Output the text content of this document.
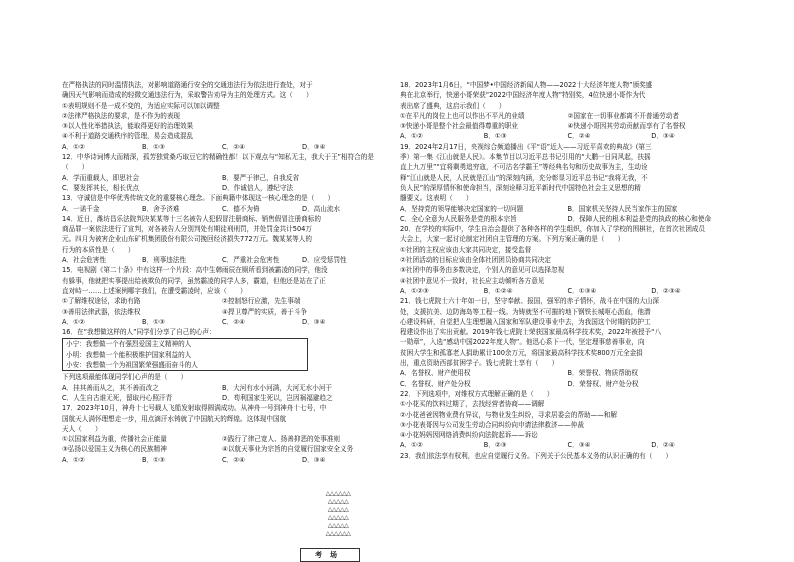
在严格执法的同时温情执法，对影响道路通行安全的交通违法行为依法进行查处，对于
确因天气影响而造成的轻微交通违法行为，采取警告劝导为主的处理方式。这（　　）
①表明规则不是一成不变的，为适应实际可以加以调整
②法律严格执法的要求，是不作为的表现
③以人性化举措执法，能取得更好的治理效果
④不利于道路交通秩序的管理，易会造成混乱
A．①②	B．①③	C．②④	D．③④
12．中华诗词博大而精深，孤芳独赏桑巧取豆它的精确性都！以下观点与“知私无主，我大于王”相符合的是（　　）
A．学而重载人，即思社会	B．要严于律己，自我反省
C．要发挥其长，相长优点	D．作诚信人，遵纪守法
13．守诚信是中华优秀传统文化的重要核心理念。下面典籍中体现这一核心理念的是（　　）
A．一诺千金	B．舍予济难	C．德不为倚	D．高山流水
14．近日，潍坊昌乐法院判决某某等十三名被告人犯假冒注册商标、销售假冒注册商标的
商品罪一案依法进行了宣判，对各被告人分别判处有期徒刑刑罚，并处罚金共计504万
元。四月为被害企业山东矿机集团股份有限公司挽回经济损失772万元。魏某某等人的
行为的本质性是（　　）
A．社会危害性	B．刑事违法性	C．严重社会危害性	D．应受惩罚性
15．电视剧《第二十条》中有这样一个片段：高中生韩雨辰在厕所看到被霸凌的同学，他没
有躲事，他就把实事提出给被欺负的同学，虽然霸凌的同学人多，霸道，但他还是站在了正
直对峙一……上述案例哪字我们，在遭受霸凌时，应该（　　）
①了解维权途径，求助有路	②控制怒行应激，先生事端
③善用法律武器，依法维权	④捍卫尊严的实质，善于斗争
A．①②	B．①③	C．②④	D．③④
16．在“我想做这样的人”同学们分享了自己的心声：
小宁：我想做一个有强烈爱国主义精神的人
小明：我想做一个能积极维护国家利益的人
小安：我想做一个为祖国繁荣强盛而奋斗的人
下列选项最能体现同学们心声的是（　　）
A．挂其善而从之，其不善而改之	B．大河有水小河满，大河无水小河干
C．人生自古谁无死，留取丹心照汗青	D．苟利国家生死以，岂因祸福避趋之
17．2023年10月，神舟十七号载人飞船发射取得圆满成功。从神舟一号到神舟十七号，中
国航天人满怀理想走一步，用点滴汗水铸就了中国航天的辉煌。这体现中国航
天人（　　）
①以国家利益为重，传播社会正能量	②践行了律己宽人、扬善抑恶的处事准则
③弘扬以爱国主义为核心的民族精神	④以航天事业为宗旨的自觉履行国家安全义务
A．①②	B．①③	C．②④	D．③④
△△△△△△
△△△△△
△△△△△
△△△△△
△△△△△
△△△△△△
考场
18．2023年1月6日，“中国梦•中国经济新闻人物——2022十大经济年度人物”颁奖盛
典在北京举行，快递小哥荣获“2022中国经济年度人物”特别奖，4位快递小哥作为代
表出席了盛典，这启示我们（　　）
①在平凡的岗位上也可以作出不平凡的业绩	②国家在一切事业都离不开普通劳动者
③快递小哥是整个社会最值得尊重的职业	④快递小哥因其劳动贡献而享有了名誉权
A．①②	B．①③	C．②④	D．③④
19．2024年2月17日，央视综合频道播出《平“语”近人——习近平喜欢的典故》(第三
季）第一集《江山就是人民》。本集节目以习近平总书记引用的“大鹏一日同风起，扶摇
直上九万里”“宜将剩勇追穷寇，不可沽名学霸王”等经典名句和历史故事为主，生动诠
释“江山就是人民，人民就是江山”的深刻内涵，充分彰显习近平总书记“我将无我，不
负人民”的深厚情怀和使命担当，深刻诠释习近平新时代中国特色社会主义思想的精
髓要义。这表明（　　）
A．坚持党的领导能够决定国家的一切问题	B．国家机关坚持人民当家作主的国家
C．全心全意为人民服务是党的根本宗旨	D．保障人民的根本利益是党的执政的核心和使命
20．在学校的实际中，学生自治会提供了各种各样的学生组织，你加入了学校的围棋社，在首次社团成员
大会上，大家一起讨论制定社团自主管理的方案。下列方案正确的是（　　）
①社团的主权应该由大家共同决定，接受监督
②社团活动的目标应该由全体社团团员协商共同决定
③社团中的事务由多数决定，个别人的意见可以选择忽视
④社团中意见不一致时，社长应主动倾听各方意见
A．①②③	B．①②④	C．①③④	D．②③④
21．钱七虎院士六十年如一日，坚守奉献、报国，强军的赤子情怀，战斗在中国的大山深
处，支援抗美、边防海岛等工程一线。为铸就坚不可摧的地下钢铁长城呕心沥血，他潜
心建设科研，自觉把人生理想融入国家和军队建设事业中去，为我国这个时期的防护工
程建设作出了实出贡献。2019年钱七虎院士荣获国家最高科学技术奖，2022年被授予“八
一勋章”，入选“感动中国2022年度人物”。他迅心系下一代，坚定理事慈善事业，向
贫困大学生和孤寡老人捐助累计100余万元，将国家最高科学技术奖800万元全金捐
出，重点资助西部贫困学子。钱七虎院士享有（　　）
A．名誉权、财产使用权	B．荣誉权、物质帮助权
C．名誉权、财产处分权	D．荣誉权、财产处分权
22．下列选项中，对维权方式理解正确的是（　　）
①小花买的饮料过期了，去找经营者协商——调解
②小花爸爸因物业费有异议，与物业发生纠纷，寻求居委会的帮助——和解
③小花表哥因与公司发生劳动合同纠纷向申请法律救济——仲裁
④小花妈妈因网络消费纠纷向法院起诉——诉讼
A．①②	B．②③	C．③④	D．②④
23．我们依法享有权利，也应自觉履行义务。下列关于公民基本义务的认识正确的有（　　）
